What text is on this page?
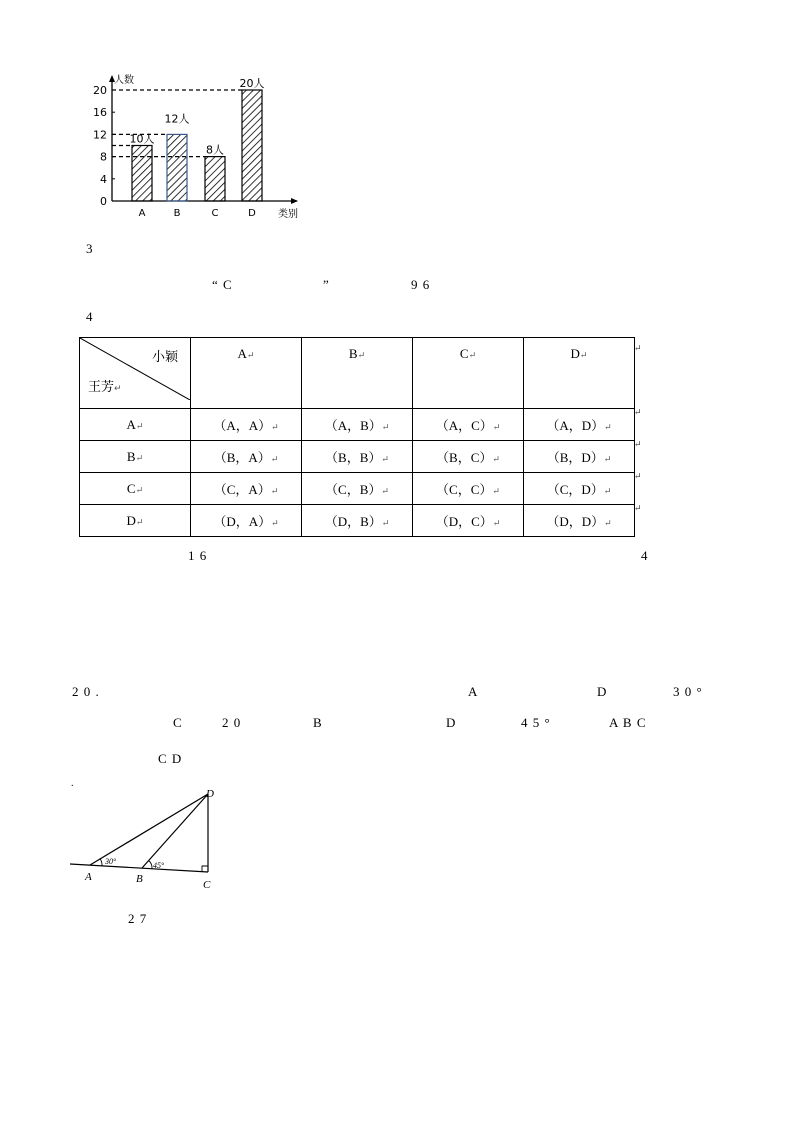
0
4
8
12
16
20
人数
类别
A
10人
B
12人
C
8人
D
20人
3
“ C	”	9 6
4
小颖
王芳↵	A↵	B↵	C↵	D↵
A↵	（A，A）↵	（A，B）↵	（A，C）↵	（A，D）↵
B↵	（B，A）↵	（B，B）↵	（B，C）↵	（B，D）↵
C↵	（C，A）↵	（C，B）↵	（C，C）↵	（C，D）↵
D↵	（D，A）↵	（D，B）↵	（D，C）↵	（D，D）↵
↵
↵
↵
↵
↵
1 6	4
2 0 .	A	D	3 0 °
C	2 0	B	D	4 5 °	A B C
C D
.
30°	45°
A	B	C
D
2 7
